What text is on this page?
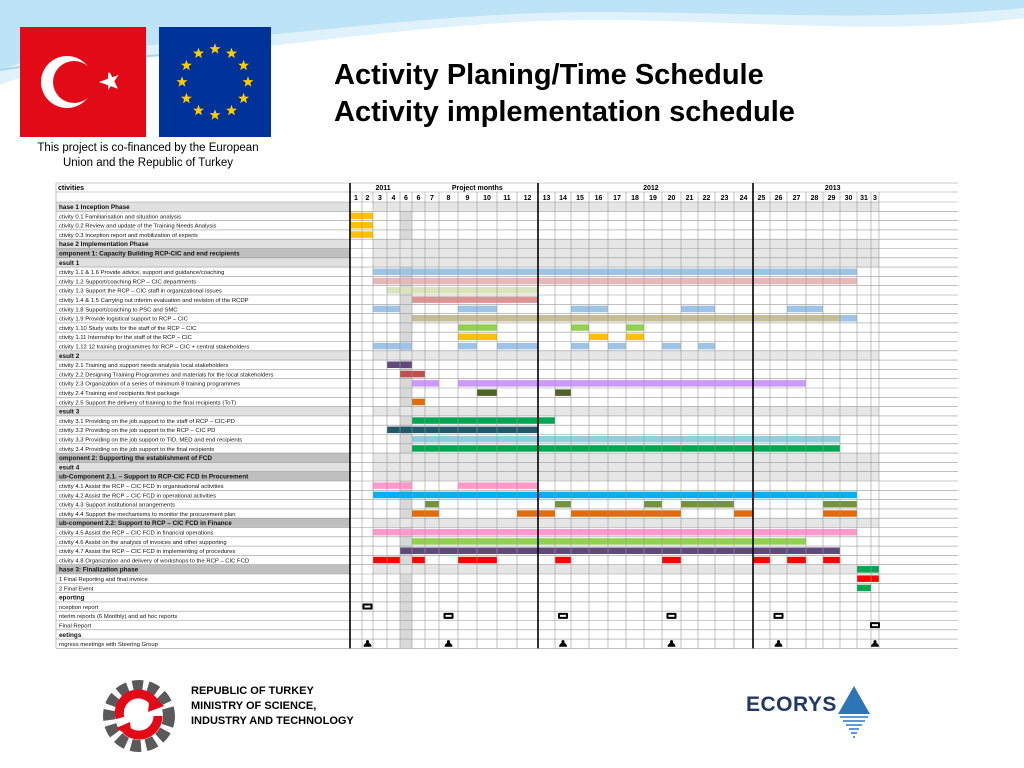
This project is co-financed by the European
Union and the Republic of Turkey
Activity Planing/Time Schedule
Activity implementation schedule
ctivities	2011	Project months	2012	2013
1 2 3 4 6 6 7 8 9 10 11 12 13 14 15 16 17 18 19 20 21 22 23 24 25 26 27 28 29 30 31 3
hase 1 Inception Phase
ctivity 0.1 Familiarisation and situation analysis
ctivity 0.2 Review and update of the Training Needs Analysis
ctivity 0.3 Inception report and mobilization of experts
hase 2 Implementation Phase
omponent 1: Capacity Building RCP-CIC and end recipients
esult 1
ctivity 1.1 & 1.6 Provide advice, support and guidance/coaching
ctivity 1.2 Support/coaching RCP – CIC departments
ctivity 1.3 Support the RCP – CIC staff in organizational issues
ctivity 1.4 & 1.5 Carrying out interim evaluation and revision of the RCDP
ctivity 1.8 Support/coaching to PSC and SMC
ctivity 1.9 Provide logistical support to RCP – CIC
ctivity 1.10 Study visits for the staff of the RCP – CIC
ctivity 1.11 Internship for the staff of the RCP – CIC
ctivity 1.12 12 training programmes for RCP – CIC + central stakeholders
esult 2
ctivity 2.1 Training and support needs analysis local stakeholders
ctivity 2.2 Designing Training Programmes and materials for the local stakeholders
ctivity 2.3 Organization of a series of minimum 8 training programmes
ctivity 2.4 Training end recipients first package
ctivity 2.5 Support the delivery of training to the final recipients (ToT)
esult 3
ctivity 3.1 Providing on the job support to the staff of RCP – CIC-PD
ctivity 3.2 Providing on the job support to the RCP – CIC PD
ctivity 3.3 Providing on the job support to TID, MED and end recipients
ctivity 3.4 Providing on the job support to the final recipients
omponent 2: Supporting the establishment of FCD
esult 4
ub-Component 2.1. – Support to RCP-CIC FCD in Procurement
ctivity 4.1 Assist the RCP – CIC FCD in organisational activities
ctivity 4.2 Assist the RCP – CIC FCD in operational activities
ctivity 4.3 Support institutional arrangements
ctivity 4.4 Support the mechanisms to monitor the procurement plan
ub-component 2.2: Support to RCP – CIC FCD in Finance
ctivity 4.5 Assist the RCP – CIC FCD in financial operations
ctivity 4.6 Assist on the analysis of invoices and other supporting
ctivity 4.7 Assist the RCP – CIC FCD in implementing of procedures
ctivity 4.8 Organization and delivery of workshops to the RCP – CIC FCD
hase 3: Finalization phase
1 Final Reporting and final invoice
2 Final Event
eporting
nception report
nterim reports (6 Monthly) and ad hoc reports
Final Report
eetings
rogress meetings with Steering Group
REPUBLIC OF TURKEY
MINISTRY OF SCIENCE,
INDUSTRY AND TECHNOLOGY
ECORYS
